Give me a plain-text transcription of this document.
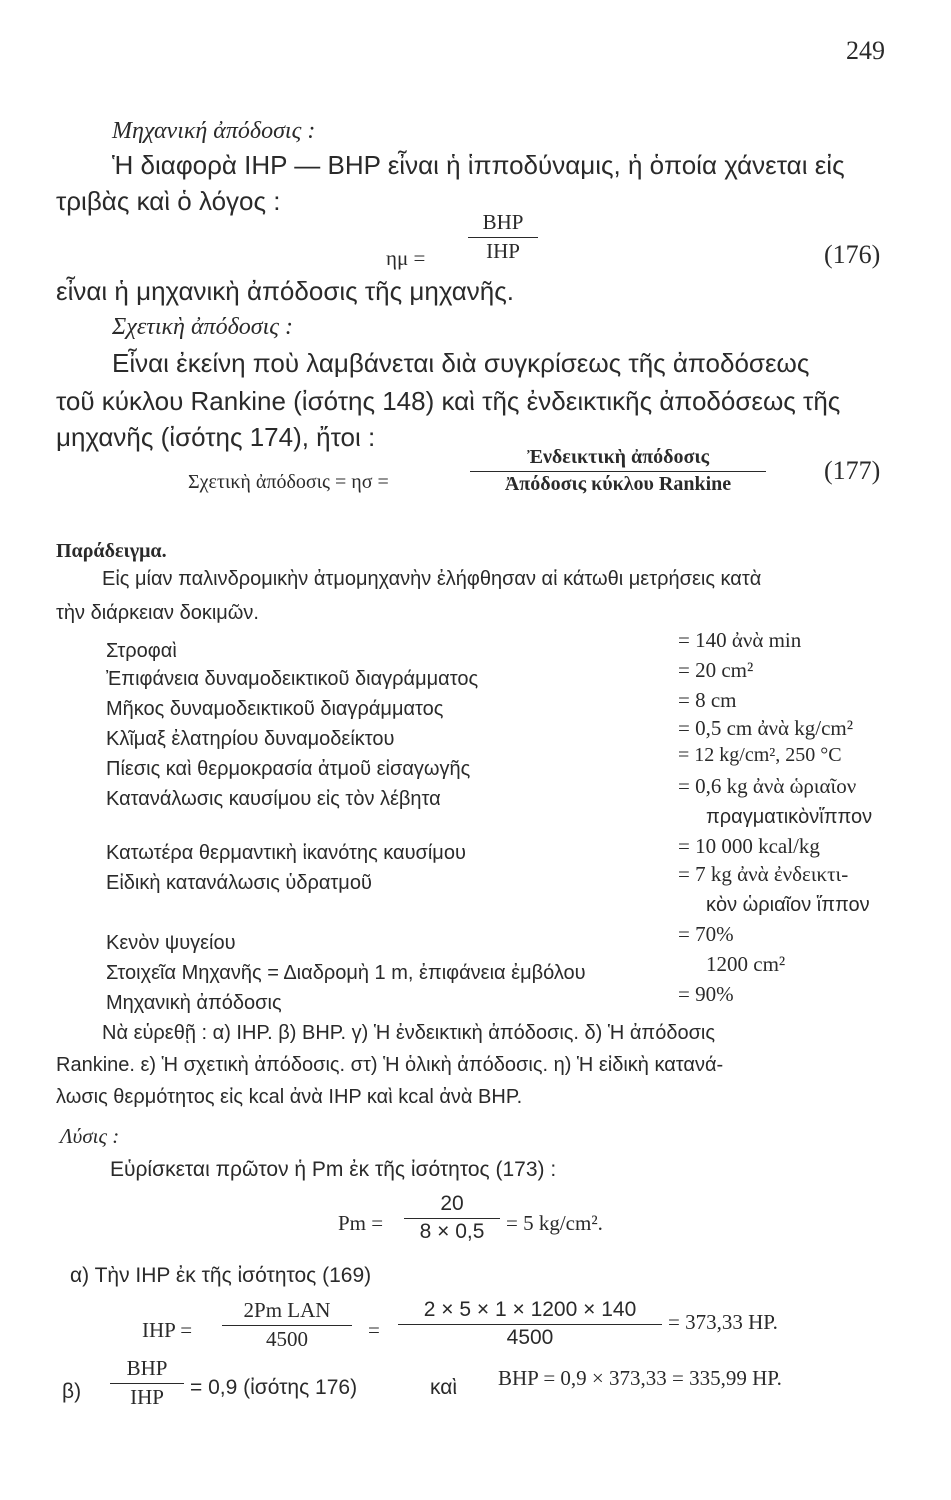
249
Μηχανική ἀπόδοσις :
Ἡ διαφορὰ IHP — BHP εἶναι ἡ ἱπποδύναμις, ἡ ὁποία χάνεται εἰς
τριβὰς καὶ ὁ λόγος :
ημ =
BHP
IHP	(176)
εἶναι ἡ μηχανικὴ ἀπόδοσις τῆς μηχανῆς.
Σχετικὴ ἀπόδοσις :
Εἶναι ἐκείνη ποὺ λαμβάνεται διὰ συγκρίσεως τῆς ἀποδόσεως
τοῦ κύκλου Rankine (ἰσότης 148) καὶ τῆς ἐνδεικτικῆς ἀποδόσεως τῆς
μηχανῆς (ἰσότης 174), ἤτοι :
Σχετικὴ ἀπόδοσις = ησ =
Ἐνδεικτικὴ ἀπόδοσις
Ἀπόδοσις κύκλου Rankine	(177)
Παράδειγμα.
Εἰς μίαν παλινδρομικὴν ἀτμομηχανὴν ἐλήφθησαν αἱ κάτωθι μετρήσεις κατὰ
τὴν διάρκειαν δοκιμῶν.
Στροφαὶ	= 140 ἀνὰ min
Ἐπιφάνεια δυναμοδεικτικοῦ διαγράμματος	= 20 cm²
Μῆκος δυναμοδεικτικοῦ διαγράμματος	= 8 cm
Κλῖμαξ ἐλατηρίου δυναμοδείκτου	= 0,5 cm ἀνὰ kg/cm²
Πίεσις καὶ θερμοκρασία ἀτμοῦ εἰσαγωγῆς
= 12 kg/cm², 250 °C
Κατανάλωσις καυσίμου εἰς τὸν λέβητα
= 0,6 kg ἀνὰ ὡριαῖον
πραγματικὸνἵππον
Κατωτέρα θερμαντικὴ ἱκανότης καυσίμου	= 10 000 kcal/kg
Εἰδικὴ κατανάλωσις ὑδρατμοῦ	= 7 kg ἀνὰ ἐνδεικτι-
κὸν ὡριαῖον ἵππον
Κενὸν ψυγείου	= 70%
Στοιχεῖα Μηχανῆς = Διαδρομὴ 1 m, ἐπιφάνεια ἐμβόλου	1200 cm²
Μηχανικὴ ἀπόδοσις	= 90%
Νὰ εὑρεθῇ : α) IHP. β) BHP. γ) Ἡ ἐνδεικτικὴ ἀπόδοσις. δ) Ἡ ἀπόδοσις
Rankine. ε) Ἡ σχετικὴ ἀπόδοσις. στ) Ἡ ὁλικὴ ἀπόδοσις. η) Ἡ εἰδικὴ κατανά-
λωσις θερμότητος εἰς kcal ἀνὰ IHP καὶ kcal ἀνὰ BHP.
Λύσις :
Εὑρίσκεται πρῶτον ἡ Pm ἐκ τῆς ἰσότητος (173) :
Pm =
20
8 × 0,5	= 5 kg/cm².
α) Τὴν IHP ἐκ τῆς ἰσότητος (169)
IHP =
2Pm LAN
4500	=
2 × 5 × 1 × 1200 × 140
4500
= 373,33 HP.
β)
BHP
IHP	= 0,9 (ἰσότης 176)	καὶ BHP = 0,9 × 373,33 = 335,99 HP.
